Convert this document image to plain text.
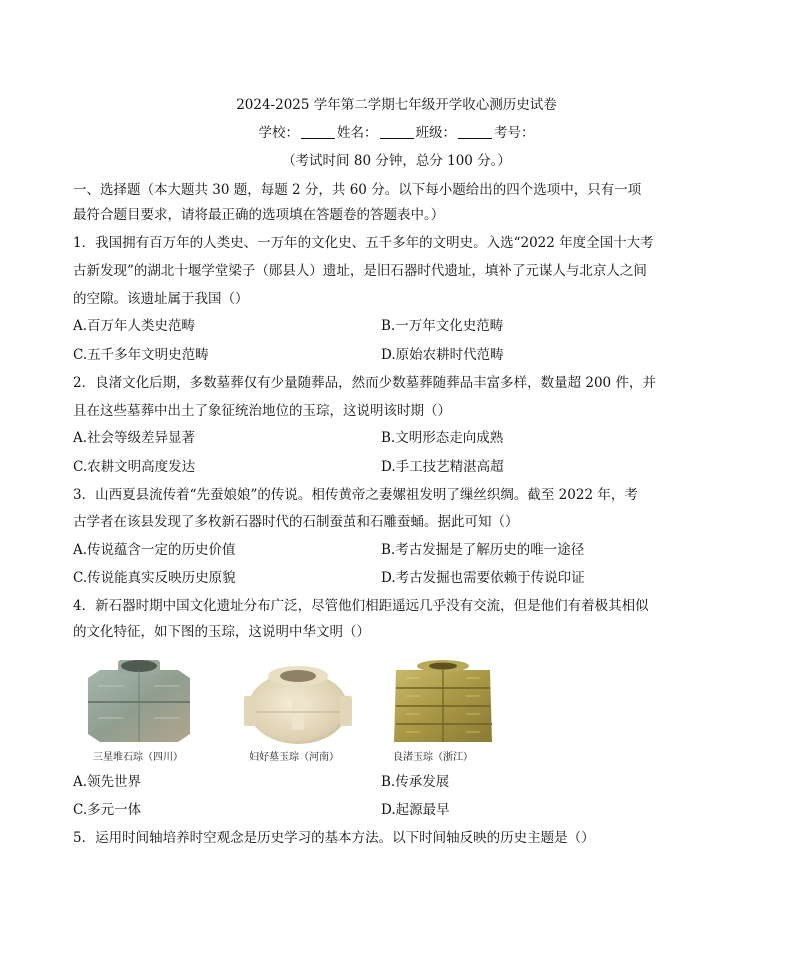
2024-2025 学年第二学期七年级开学收心测历史试卷
学校：	姓名：	班级：	考号：
（考试时间 80 分钟，总分 100 分。）
一、选择题（本大题共 30 题，每题 2 分，共 60 分。以下每小题给出的四个选项中，只有一项
最符合题目要求，请将最正确的选项填在答题卷的答题表中。）
1．我国拥有百万年的人类史、一万年的文化史、五千多年的文明史。入选“2022 年度全国十大考
古新发现”的湖北十堰学堂梁子（郧县人）遗址，是旧石器时代遗址，填补了元谋人与北京人之间
的空隙。该遗址属于我国（）
A.百万年人类史范畴	B.一万年文化史范畴
C.五千多年文明史范畴	D.原始农耕时代范畴
2．良渚文化后期，多数墓葬仅有少量随葬品，然而少数墓葬随葬品丰富多样，数量超 200 件，并
且在这些墓葬中出土了象征统治地位的玉琮，这说明该时期（）
A.社会等级差异显著	B.文明形态走向成熟
C.农耕文明高度发达	D.手工技艺精湛高超
3．山西夏县流传着“先蚕娘娘”的传说。相传黄帝之妻嫘祖发明了缫丝织绸。截至 2022 年，考
古学者在该县发现了多枚新石器时代的石制蚕茧和石雕蚕蛹。据此可知（）
A.传说蕴含一定的历史价值	B.考古发掘是了解历史的唯一途径
C.传说能真实反映历史原貌	D.考古发掘也需要依赖于传说印证
4．新石器时期中国文化遗址分布广泛，尽管他们相距遥远几乎没有交流，但是他们有着极其相似
的文化特征，如下图的玉琮，这说明中华文明（）
三星堆石琮（四川）	妇好墓玉琮（河南）	良渚玉琮（浙江）
A.领先世界	B.传承发展
C.多元一体	D.起源最早
5．运用时间轴培养时空观念是历史学习的基本方法。以下时间轴反映的历史主题是（）
